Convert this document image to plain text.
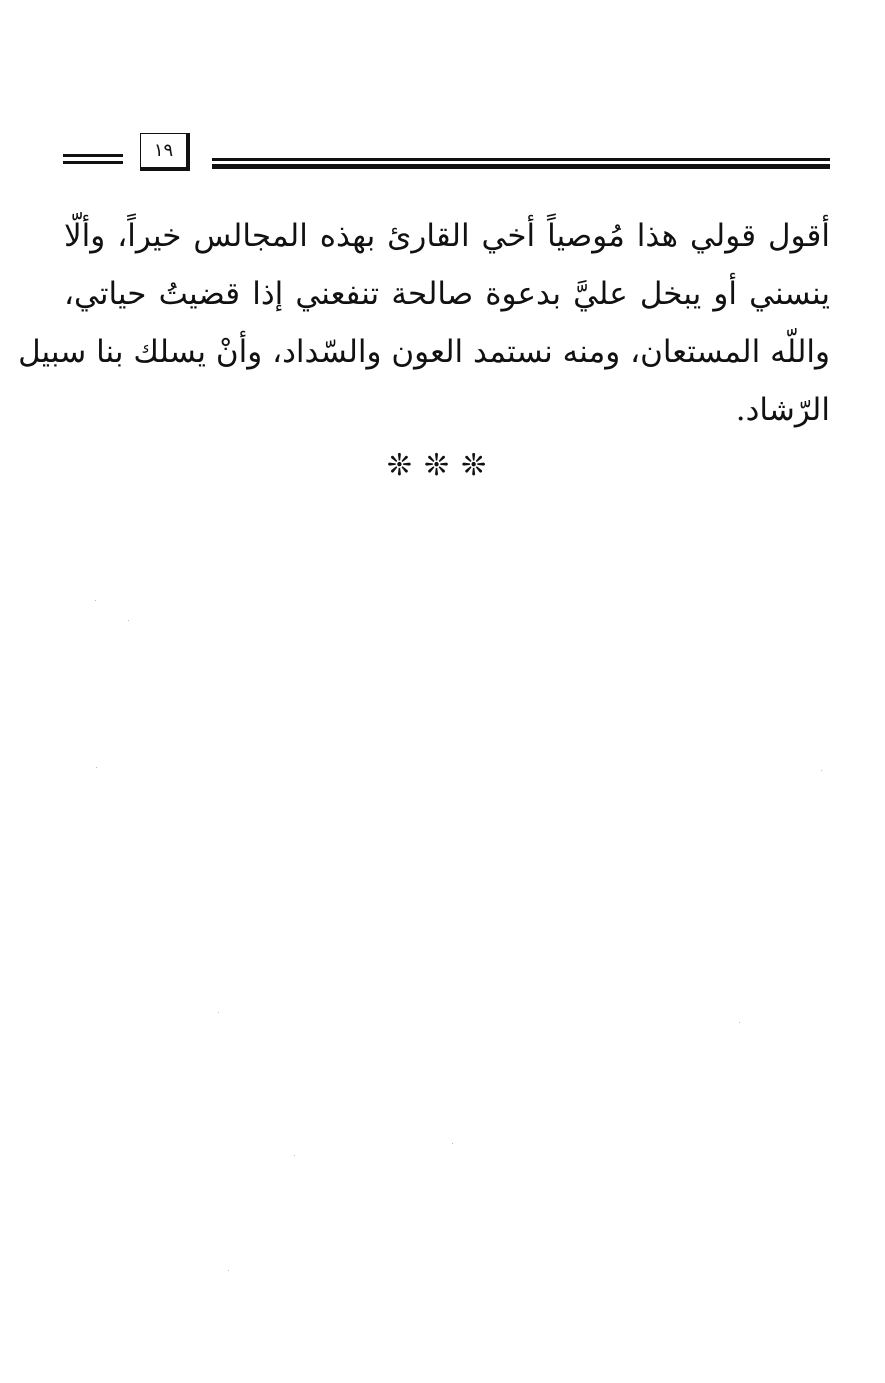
١٩
أقول قولي هذا مُوصياً أخي القارئ بهذه المجالس خيراً، وألّا
ينسني أو يبخل عليَّ بدعوة صالحة تنفعني إذا قضيتُ حياتي،
واللّه المستعان، ومنه نستمد العون والسّداد، وأنْ يسلك بنا سبيل
الرّشاد.
❊❊❊
